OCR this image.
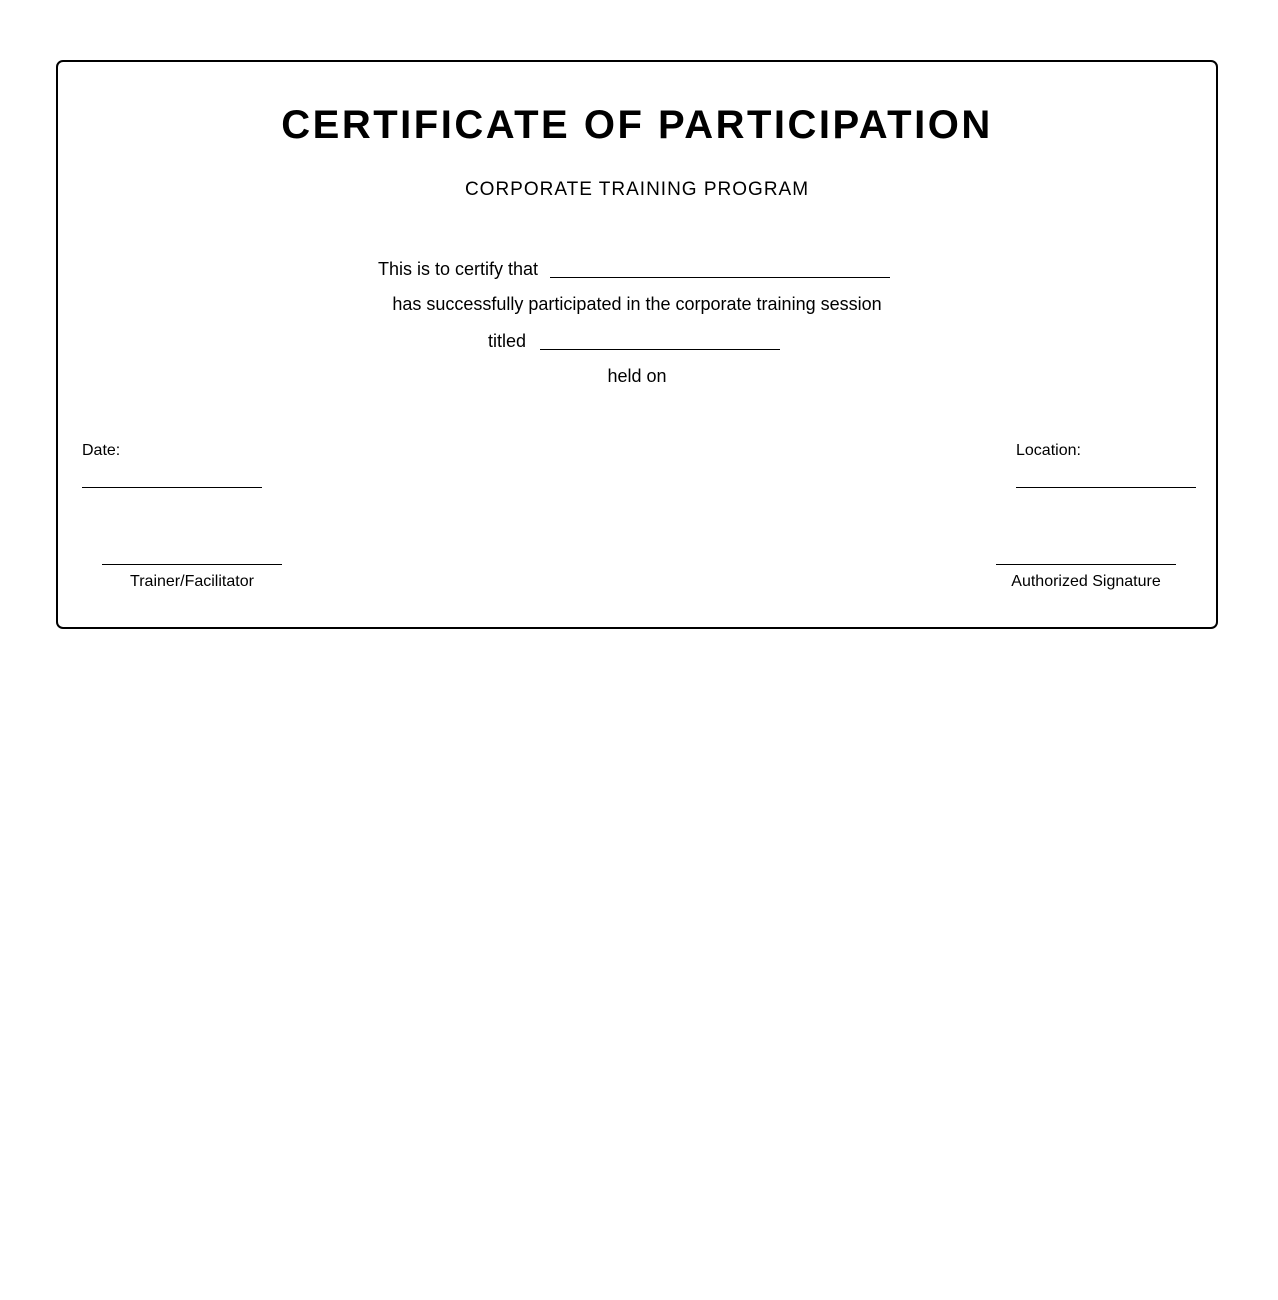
CERTIFICATE OF PARTICIPATION
CORPORATE TRAINING PROGRAM
This is to certify that
has successfully participated in the corporate training session
titled
held on
Date:	Location:
Trainer/Facilitator	Authorized Signature
